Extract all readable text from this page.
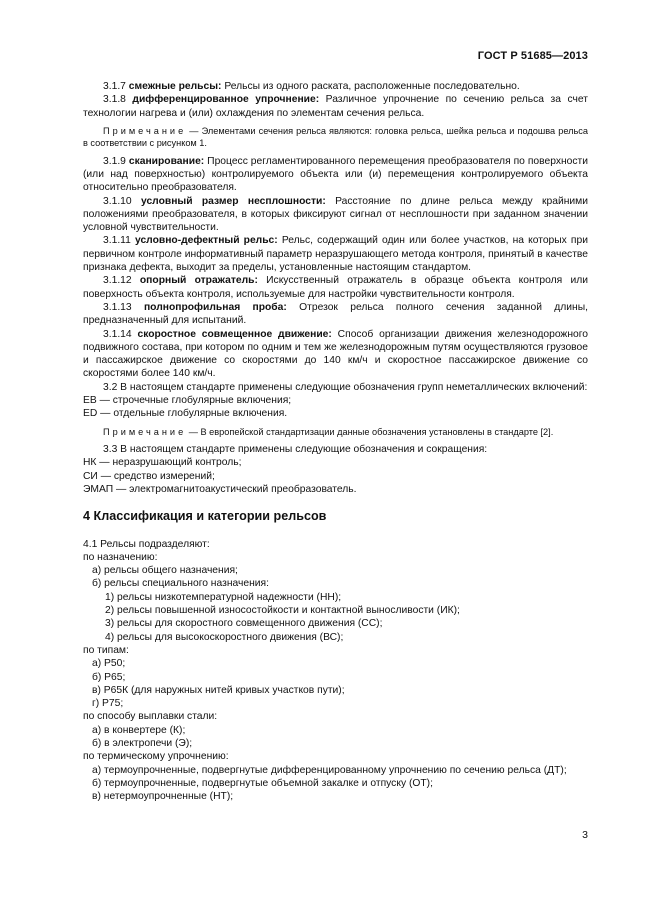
ГОСТ Р 51685—2013

3.1.7 смежные рельсы: Рельсы из одного раската, расположенные последовательно.

3.1.8 дифференцированное упрочнение: Различное упрочнение по сечению рельса за счет технологии нагрева и (или) охлаждения по элементам сечения рельса.

Примечание — Элементами сечения рельса являются: головка рельса, шейка рельса и подошва рельса в соответствии с рисунком 1.

3.1.9 сканирование: Процесс регламентированного перемещения преобразователя по поверхности (или над поверхностью) контролируемого объекта или (и) перемещения контролируемого объекта относительно преобразователя.

3.1.10 условный размер несплошности: Расстояние по длине рельса между крайними положениями преобразователя, в которых фиксируют сигнал от несплошности при заданном значении условной чувствительности.

3.1.11 условно-дефектный рельс: Рельс, содержащий один или более участков, на которых при первичном контроле информативный параметр неразрушающего метода контроля, принятый в качестве признака дефекта, выходит за пределы, установленные настоящим стандартом.

3.1.12 опорный отражатель: Искусственный отражатель в образце объекта контроля или поверхность объекта контроля, используемые для настройки чувствительности контроля.

3.1.13 полнопрофильная проба: Отрезок рельса полного сечения заданной длины, предназначенный для испытаний.

3.1.14 скоростное совмещенное движение: Способ организации движения железнодорожного подвижного состава, при котором по одним и тем же железнодорожным путям осуществляются грузовое и пассажирское движение со скоростями до 140 км/ч и скоростное пассажирское движение со скоростями более 140 км/ч.

3.2 В настоящем стандарте применены следующие обозначения групп неметаллических включений:

ЕВ — строчечные глобулярные включения;

ЕD — отдельные глобулярные включения.

Примечание — В европейской стандартизации данные обозначения установлены в стандарте [2].

3.3 В настоящем стандарте применены следующие обозначения и сокращения:

НК — неразрушающий контроль;

СИ — средство измерений;

ЭМАП — электромагнитоакустический преобразователь.

4 Классификация и категории рельсов

4.1 Рельсы подразделяют:

по назначению:

а) рельсы общего назначения;

б) рельсы специального назначения:

1) рельсы низкотемпературной надежности (НН);

2) рельсы повышенной износостойкости и контактной выносливости (ИК);

3) рельсы для скоростного совмещенного движения (СС);

4) рельсы для высокоскоростного движения (ВС);

по типам:

а) Р50;

б) Р65;

в) Р65К (для наружных нитей кривых участков пути);

г) Р75;

по способу выплавки стали:

а) в конвертере (К);

б) в электропечи (Э);

по термическому упрочнению:

а) термоупрочненные, подвергнутые дифференцированному упрочнению по сечению рельса (ДТ);

б) термоупрочненные, подвергнутые объемной закалке и отпуску (ОТ);

в) нетермоупрочненные (НТ);

3
